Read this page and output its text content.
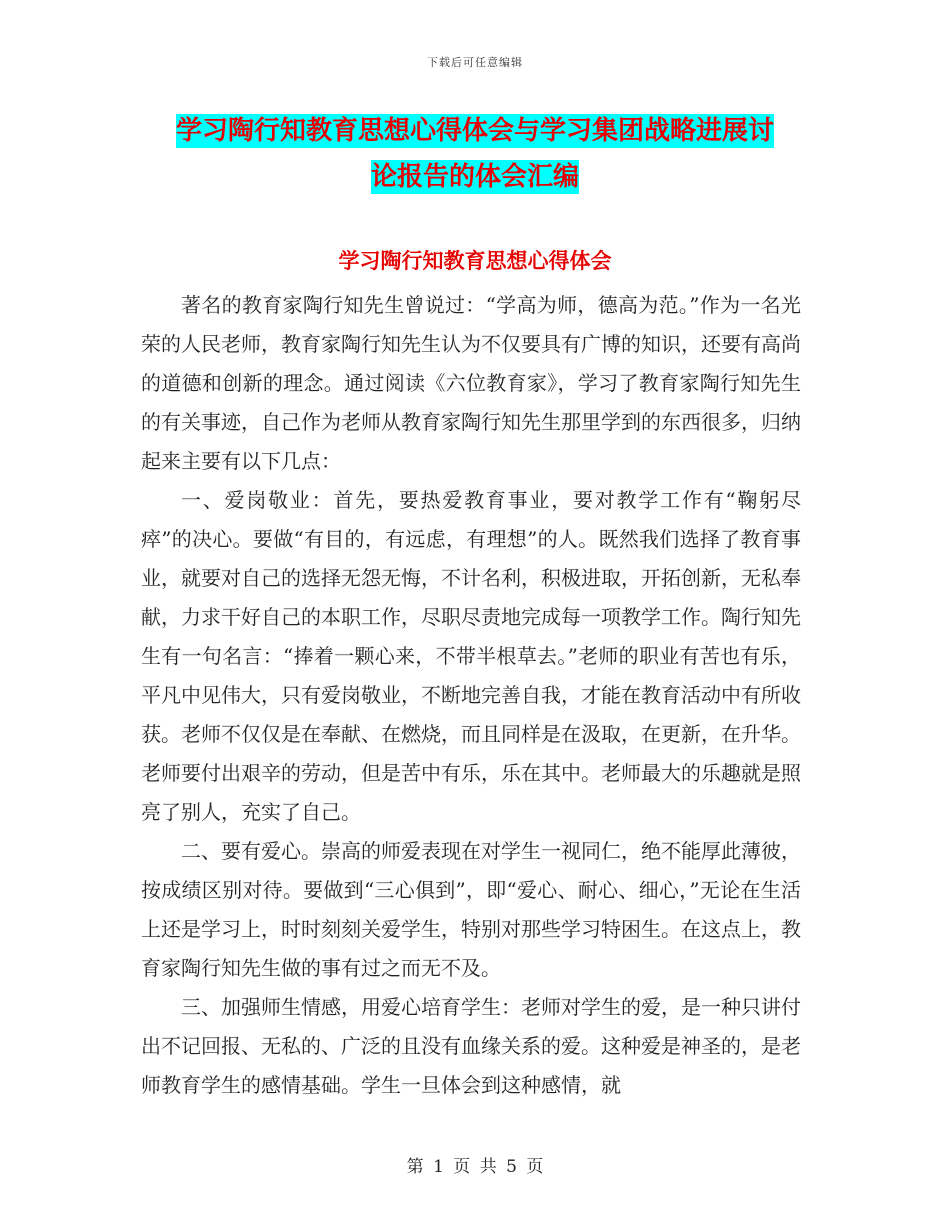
下载后可任意编辑
学习陶行知教育思想心得体会与学习集团战略进展讨
论报告的体会汇编
学习陶行知教育思想心得体会

著名的教育家陶行知先生曾说过：“学高为师，德高为范。”作为一名光荣的人民老师，教育家陶行知先生认为不仅要具有广博的知识，还要有高尚的道德和创新的理念。通过阅读《六位教育家》，学习了教育家陶行知先生的有关事迹，自己作为老师从教育家陶行知先生那里学到的东西很多，归纳起来主要有以下几点：

一、爱岗敬业：首先，要热爱教育事业，要对教学工作有“鞠躬尽瘁”的决心。要做“有目的，有远虑，有理想”的人。既然我们选择了教育事业，就要对自己的选择无怨无悔，不计名利，积极进取，开拓创新，无私奉献，力求干好自己的本职工作，尽职尽责地完成每一项教学工作。陶行知先生有一句名言：“捧着一颗心来，不带半根草去。”老师的职业有苦也有乐，平凡中见伟大，只有爱岗敬业，不断地完善自我，才能在教育活动中有所收获。老师不仅仅是在奉献、在燃烧，而且同样是在汲取，在更新，在升华。老师要付出艰辛的劳动，但是苦中有乐，乐在其中。老师最大的乐趣就是照亮了别人，充实了自己。

二、要有爱心。崇高的师爱表现在对学生一视同仁，绝不能厚此薄彼，按成绩区别对待。要做到“三心俱到”，即“爱心、耐心、细心，”无论在生活上还是学习上，时时刻刻关爱学生，特别对那些学习特困生。在这点上，教育家陶行知先生做的事有过之而无不及。

三、加强师生情感，用爱心培育学生：老师对学生的爱，是一种只讲付出不记回报、无私的、广泛的且没有血缘关系的爱。这种爱是神圣的，是老师教育学生的感情基础。学生一旦体会到这种感情，就

第 1 页 共 5 页
